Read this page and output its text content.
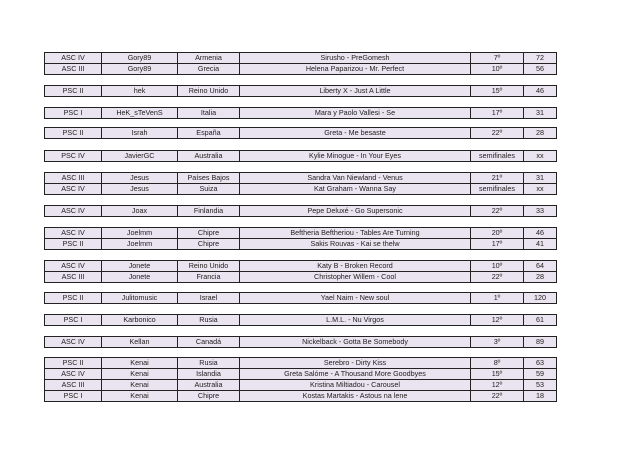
ASC IV	Gory89	Armenia	Sirusho - PreGomesh	7º	72
ASC III	Gory89	Grecia	Helena Paparizou - Mr. Perfect	10º	56
PSC II	hek	Reino Unido	Liberty X - Just A Little	15º	46
PSC I	HeK_sTeVenS	Italia	Mara y Paolo Vallesi - Se	17º	31
PSC II	Israh	España	Greta - Me besaste	22º	28
PSC IV	JavierGC	Australia	Kylie Minogue - In Your Eyes	semifinales	xx
ASC III	Jesus	Países Bajos	Sandra Van Niewland - Venus	21º	31
ASC IV	Jesus	Suiza	Kat Graham - Wanna Say	semifinales	xx
ASC IV	Joax	Finlandia	Pepe Deluxé - Go Supersonic	22º	33
ASC IV	Joelmm	Chipre	Beftheria Beftheriou - Tables Are Turning	20º	46
PSC II	Joelmm	Chipre	Sakis Rouvas - Kai se thelw	17º	41
ASC IV	Jonete	Reino Unido	Katy B - Broken Record	10º	64
ASC III	Jonete	Francia	Christopher Willem - Cool	22º	28
PSC II	Julitomusic	Israel	Yael Naim - New soul	1º	120
PSC I	Karbonico	Rusia	L.M.L. - Nu Virgos	12º	61
ASC IV	Kellan	Canadá	Nickelback - Gotta Be Somebody	3º	89
PSC II	Kenai	Rusia	Serebro - Dirty Kiss	8º	63
ASC IV	Kenai	Islandia	Greta Salóme - A Thousand More Goodbyes	15º	59
ASC III	Kenai	Australia	Kristina Miltiadou - Carousel	12º	53
PSC I	Kenai	Chipre	Kostas Martakis - Astous na lene	22º	18
